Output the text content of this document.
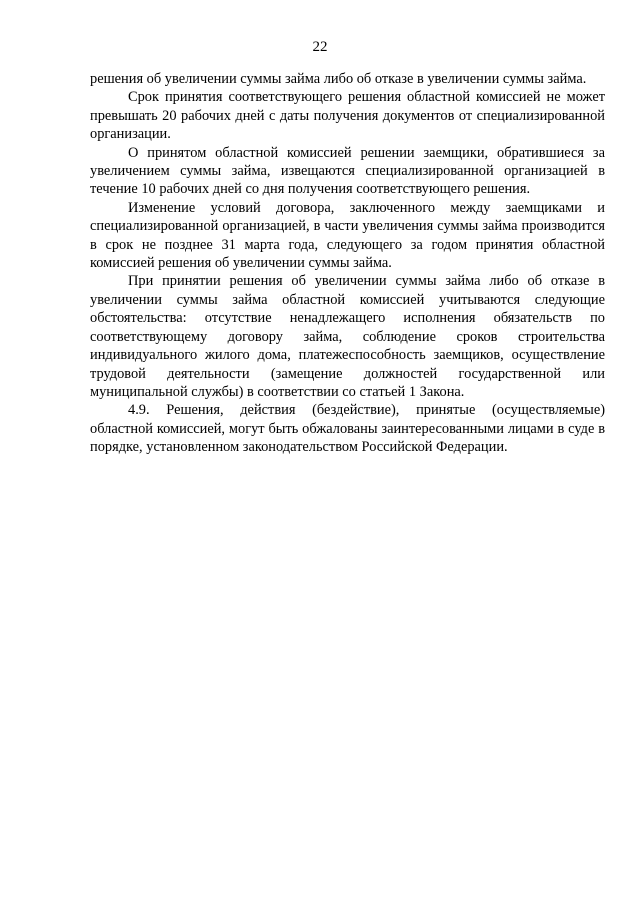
22

решения об увеличении суммы займа либо об отказе в увеличении суммы займа.

Срок принятия соответствующего решения областной комиссией не может превышать 20 рабочих дней с даты получения документов от специализированной организации.

О принятом областной комиссией решении заемщики, обратившиеся за увеличением суммы займа, извещаются специализированной организацией в течение 10 рабочих дней со дня получения соответствующего решения.

Изменение условий договора, заключенного между заемщиками и специализированной организацией, в части увеличения суммы займа производится в срок не позднее 31 марта года, следующего за годом принятия областной комиссией решения об увеличении суммы займа.

При принятии решения об увеличении суммы займа либо об отказе в увеличении суммы займа областной комиссией учитываются следующие обстоятельства: отсутствие ненадлежащего исполнения обязательств по соответствующему договору займа, соблюдение сроков строительства индивидуального жилого дома, платежеспособность заемщиков, осуществление трудовой деятельности (замещение должностей государственной или муниципальной службы) в соответствии со статьей 1 Закона.

4.9. Решения, действия (бездействие), принятые (осуществляемые) областной комиссией, могут быть обжалованы заинтересованными лицами в суде в порядке, установленном законодательством Российской Федерации.
